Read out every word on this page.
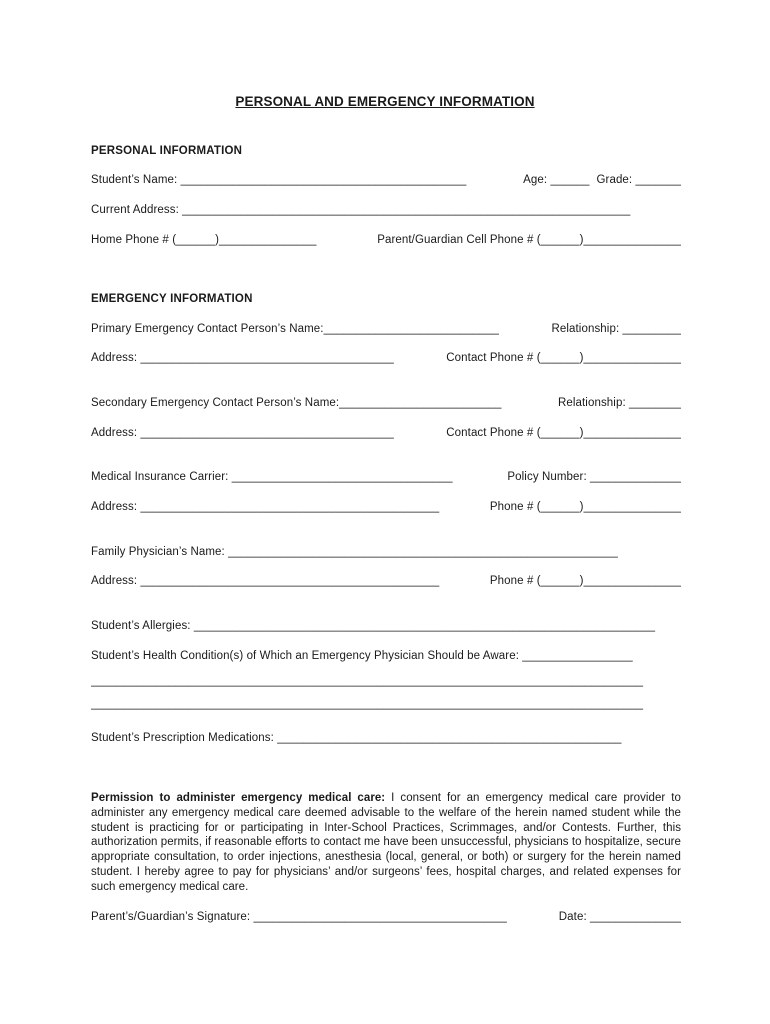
PERSONAL AND EMERGENCY INFORMATION
PERSONAL INFORMATION
Student’s Name: ____________________________________________	Age: ______ Grade: _______
Current Address: _____________________________________________________________________
Home Phone # (______)_______________	Parent/Guardian Cell Phone # (______)_______________
EMERGENCY INFORMATION
Primary Emergency Contact Person’s Name:___________________________	Relationship: _________
Address: _______________________________________	Contact Phone # (______)_______________
Secondary Emergency Contact Person’s Name:_________________________	Relationship: ________
Address: _______________________________________	Contact Phone # (______)_______________
Medical Insurance Carrier: __________________________________	Policy Number: ______________
Address: ______________________________________________	Phone # (______)_______________
Family Physician’s Name: ____________________________________________________________
Address: ______________________________________________	Phone # (______)_______________
Student’s Allergies: _______________________________________________________________________
Student’s Health Condition(s) of Which an Emergency Physician Should be Aware: _________________
_____________________________________________________________________________________
_____________________________________________________________________________________
Student’s Prescription Medications: _____________________________________________________
Permission to administer emergency medical care: I consent for an emergency medical care provider to administer any emergency medical care deemed advisable to the welfare of the herein named student while the student is practicing for or participating in Inter-School Practices, Scrimmages, and/or Contests. Further, this authorization permits, if reasonable efforts to contact me have been unsuccessful, physicians to hospitalize, secure appropriate consultation, to order injections, anesthesia (local, general, or both) or surgery for the herein named student. I hereby agree to pay for physicians’ and/or surgeons’ fees, hospital charges, and related expenses for such emergency medical care.
Parent’s/Guardian’s Signature: _______________________________________	Date: ______________
